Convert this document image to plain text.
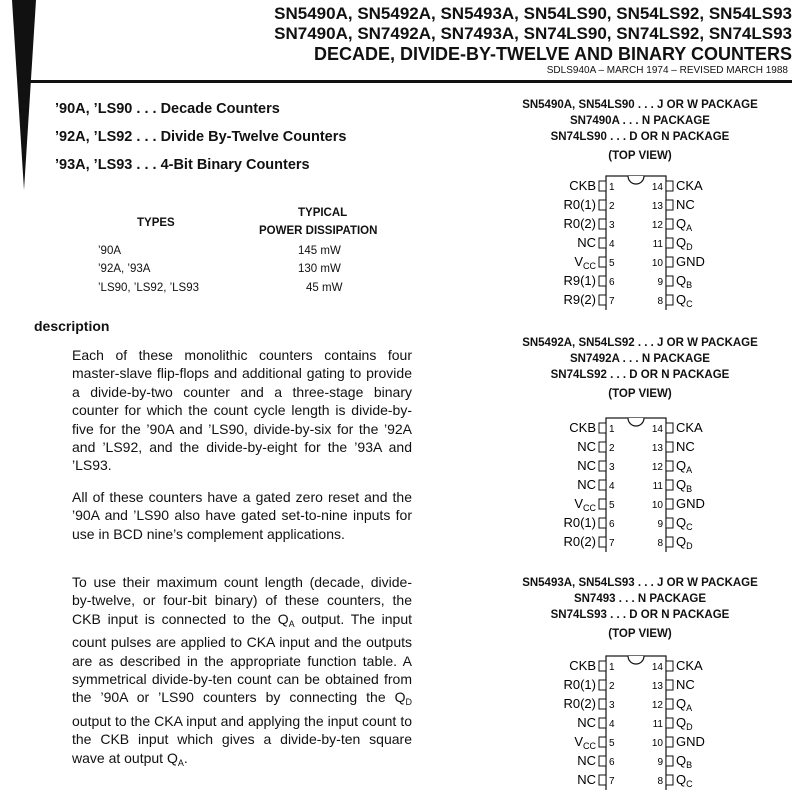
SN5490A, SN5492A, SN5493A, SN54LS90, SN54LS92, SN54LS93
SN7490A, SN7492A, SN7493A, SN74LS90, SN74LS92, SN74LS93
DECADE, DIVIDE-BY-TWELVE AND BINARY COUNTERS
SDLS940A – MARCH 1974 – REVISED MARCH 1988
’90A, ’LS90 . . . Decade Counters
’92A, ’LS92 . . . Divide By-Twelve Counters
’93A, ’LS93 . . . 4-Bit Binary Counters
TYPES
TYPICAL
POWER DISSIPATION
’90A	145 mW
’92A, ’93A	130 mW
’LS90, ’LS92, ’LS93	45 mW
description
Each of these monolithic counters contains four master-slave flip-flops and additional gating to provide a divide-by-two counter and a three-stage binary counter for which the count cycle length is divide-by-five for the ’90A and ’LS90, divide-by-six for the ’92A and ’LS92, and the divide-by-eight for the ’93A and ’LS93.
All of these counters have a gated zero reset and the ’90A and ’LS90 also have gated set-to-nine inputs for use in BCD nine’s complement applications.
To use their maximum count length (decade, divide-by-twelve, or four-bit binary) of these counters, the CKB input is connected to the $Q_A$ output. The input count pulses are applied to CKA input and the outputs are as described in the appropriate function table. A symmetrical divide-by-ten count can be obtained from the ’90A or ’LS90 counters by connecting the $Q_D$ output to the CKA input and applying the input count to the CKB input which gives a divide-by-ten square wave at output $Q_A$.
SN5490A, SN54LS90 . . . J OR W PACKAGE
SN7490A . . . N PACKAGE
SN74LS90 . . . D OR N PACKAGE
(TOP VIEW)
CKB 1
R0(1) 2
R0(2) 3
NC 4
$V_{CC}$ 5
R9(1) 6
R9(2) 7
14 CKA
13 NC
12 $Q_A$
11 $Q_D$
10 GND
9 $Q_B$
8 $Q_C$
SN5492A, SN54LS92 . . . J OR W PACKAGE
SN7492A . . . N PACKAGE
SN74LS92 . . . D OR N PACKAGE
(TOP VIEW)
CKB 1
NC 2
NC 3
NC 4
$V_{CC}$ 5
R0(1) 6
R0(2) 7
14 CKA
13 NC
12 $Q_A$
11 $Q_B$
10 GND
9 $Q_C$
8 $Q_D$
SN5493A, SN54LS93 . . . J OR W PACKAGE
SN7493 . . . N PACKAGE
SN74LS93 . . . D OR N PACKAGE
(TOP VIEW)
CKB 1
R0(1) 2
R0(2) 3
NC 4
$V_{CC}$ 5
NC 6
NC 7
14 CKA
13 NC
12 $Q_A$
11 $Q_D$
10 GND
9 $Q_B$
8 $Q_C$
